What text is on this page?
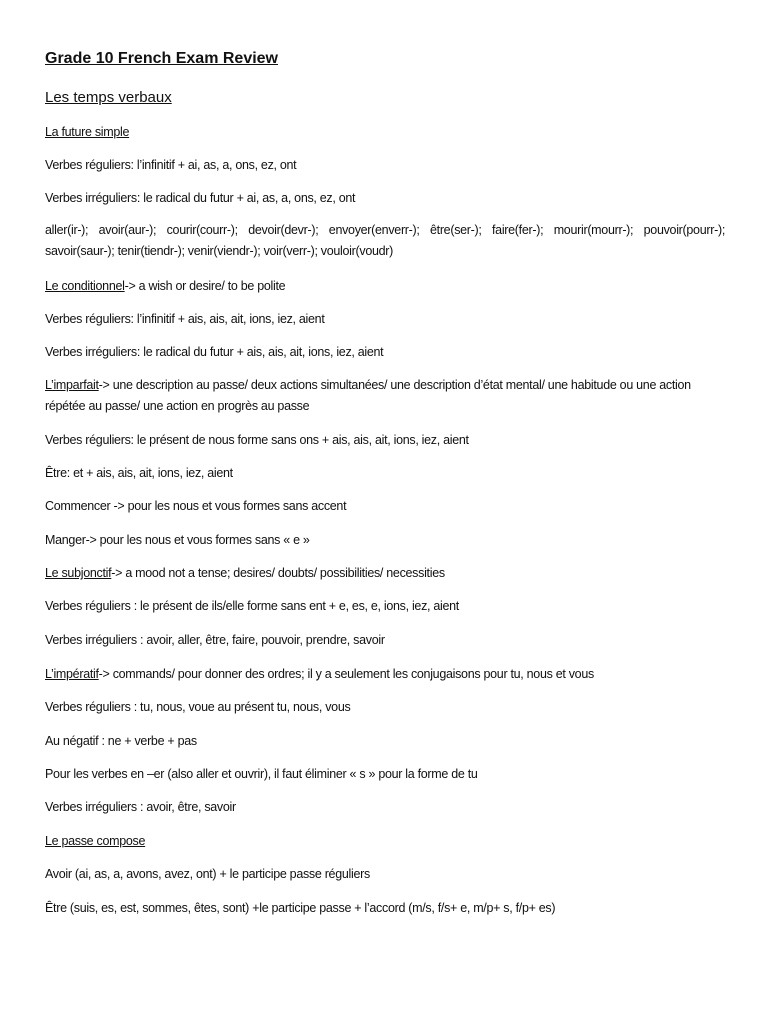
Grade 10 French Exam Review
Les temps verbaux
La future simple
Verbes réguliers: l’infinitif + ai, as, a, ons, ez, ont
Verbes irréguliers: le radical du futur + ai, as, a, ons, ez, ont
aller(ir-); avoir(aur-); courir(courr-); devoir(devr-); envoyer(enverr-); être(ser-); faire(fer-); mourir(mourr-); pouvoir(pourr-); savoir(saur-); tenir(tiendr-); venir(viendr-); voir(verr-); vouloir(voudr)
Le conditionnel-> a wish or desire/ to be polite
Verbes réguliers: l’infinitif + ais, ais, ait, ions, iez, aient
Verbes irréguliers: le radical du futur + ais, ais, ait, ions, iez, aient
L’imparfait-> une description au passe/ deux actions simultanées/ une description d’état mental/ une habitude ou une action répétée au passe/ une action en progrès au passe
Verbes réguliers: le présent de nous forme sans ons + ais, ais, ait, ions, iez, aient
Être: et + ais, ais, ait, ions, iez, aient
Commencer -> pour les nous et vous formes sans accent
Manger-> pour les nous et vous formes sans « e »
Le subjonctif-> a mood not a tense; desires/ doubts/ possibilities/ necessities
Verbes réguliers : le présent de ils/elle forme sans ent + e, es, e, ions, iez, aient
Verbes irréguliers : avoir, aller, être, faire, pouvoir, prendre, savoir
L’impératif-> commands/ pour donner des ordres; il y a seulement les conjugaisons pour tu, nous et vous
Verbes réguliers : tu, nous, voue au présent tu, nous, vous
Au négatif : ne + verbe + pas
Pour les verbes en –er (also aller et ouvrir), il faut éliminer « s » pour la forme de tu
Verbes irréguliers : avoir, être, savoir
Le passe compose
Avoir (ai, as, a, avons, avez, ont) + le participe passe réguliers
Être (suis, es, est, sommes, êtes, sont) +le participe passe + l’accord (m/s, f/s+ e, m/p+ s, f/p+ es)
